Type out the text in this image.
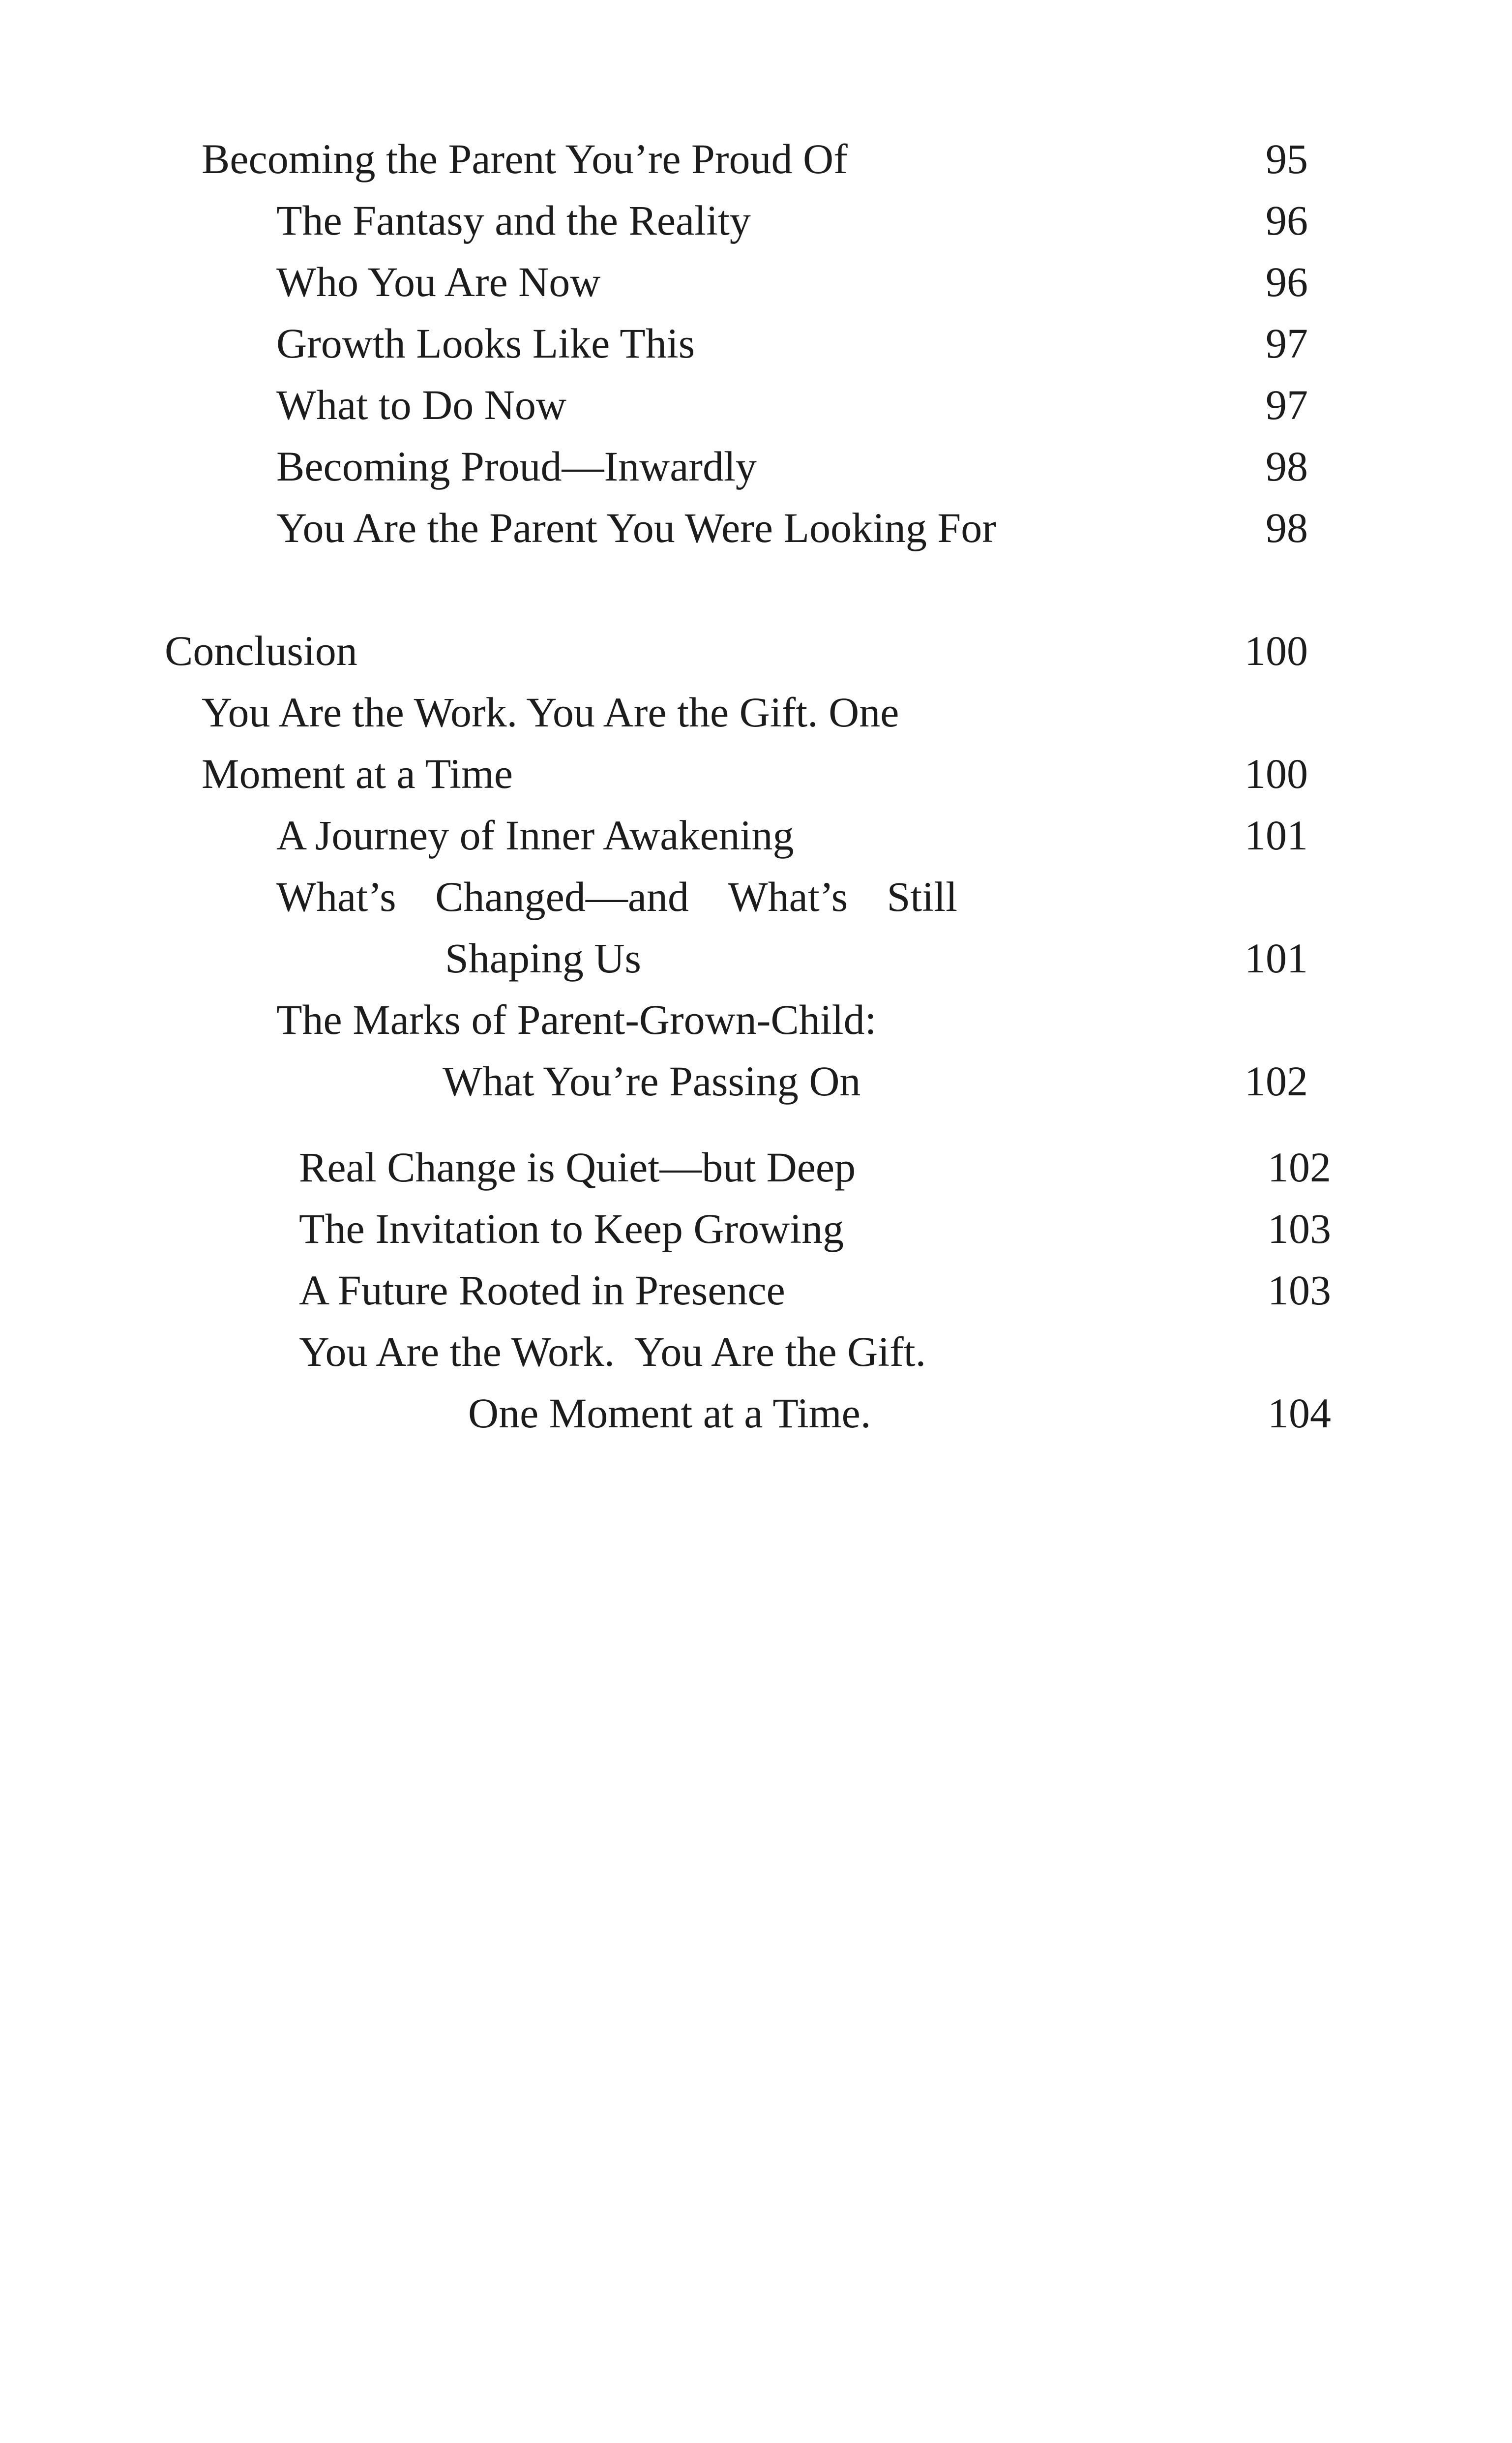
Becoming the Parent You’re Proud Of	95
The Fantasy and the Reality	96
Who You Are Now	96
Growth Looks Like This	97
What to Do Now	97
Becoming Proud—Inwardly	98
You Are the Parent You Were Looking For	98
Conclusion	100
You Are the Work. You Are the Gift. One
Moment at a Time	100
A Journey of Inner Awakening	101
What’s Changed—and What’s Still
Shaping Us	101
The Marks of Parent-Grown-Child:
What You’re Passing On	102
Real Change is Quiet—but Deep	102
The Invitation to Keep Growing	103
A Future Rooted in Presence	103
You Are the Work.  You Are the Gift.
One Moment at a Time.	104
